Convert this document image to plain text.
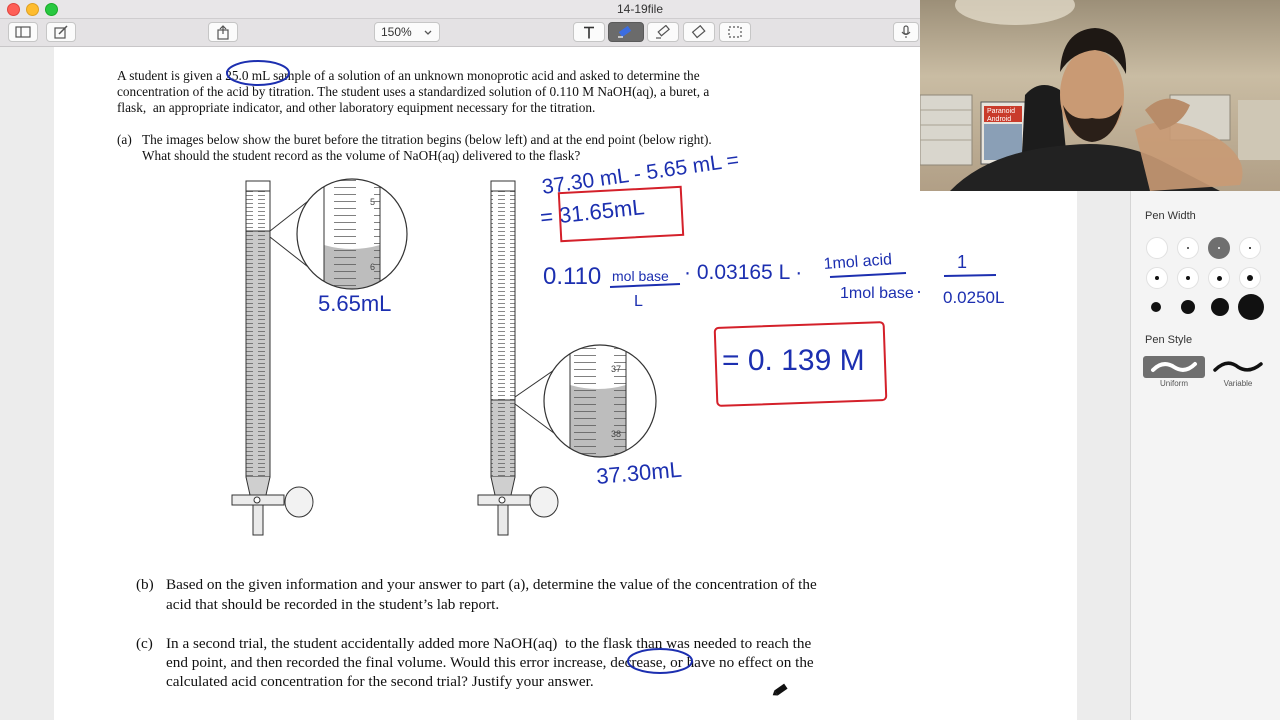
14-19file
150%
A student is given a 25.0 mL sample of a solution of an unknown monoprotic acid and asked to determine the
concentration of the acid by titration. The student uses a standardized solution of 0.110 M NaOH(aq), a buret, a
flask,  an appropriate indicator, and other laboratory equipment necessary for the titration.
(a) The images below show the buret before the titration begins (below left) and at the end point (below right).
What should the student record as the volume of NaOH(aq) delivered to the flask?
(b) Based on the given information and your answer to part (a), determine the value of the concentration of the
acid that should be recorded in the student’s lab report.
(c) In a second trial, the student accidentally added more NaOH(aq)  to the flask than was needed to reach the
end point, and then recorded the final volume. Would this error increase, decrease, or have no effect on the
calculated acid concentration for the second trial? Justify your answer.
5
6
37
38
5.65mL
37.30mL
37.30 mL - 5.65 mL =
= 31.65mL
0.110 mol base
L
· 0.03165 L · 1mol acid
1mol base ·
1
0.0250L
= 0. 139 M
Pen Width
Pen Style
Uniform	Variable
Paranoid
Android
